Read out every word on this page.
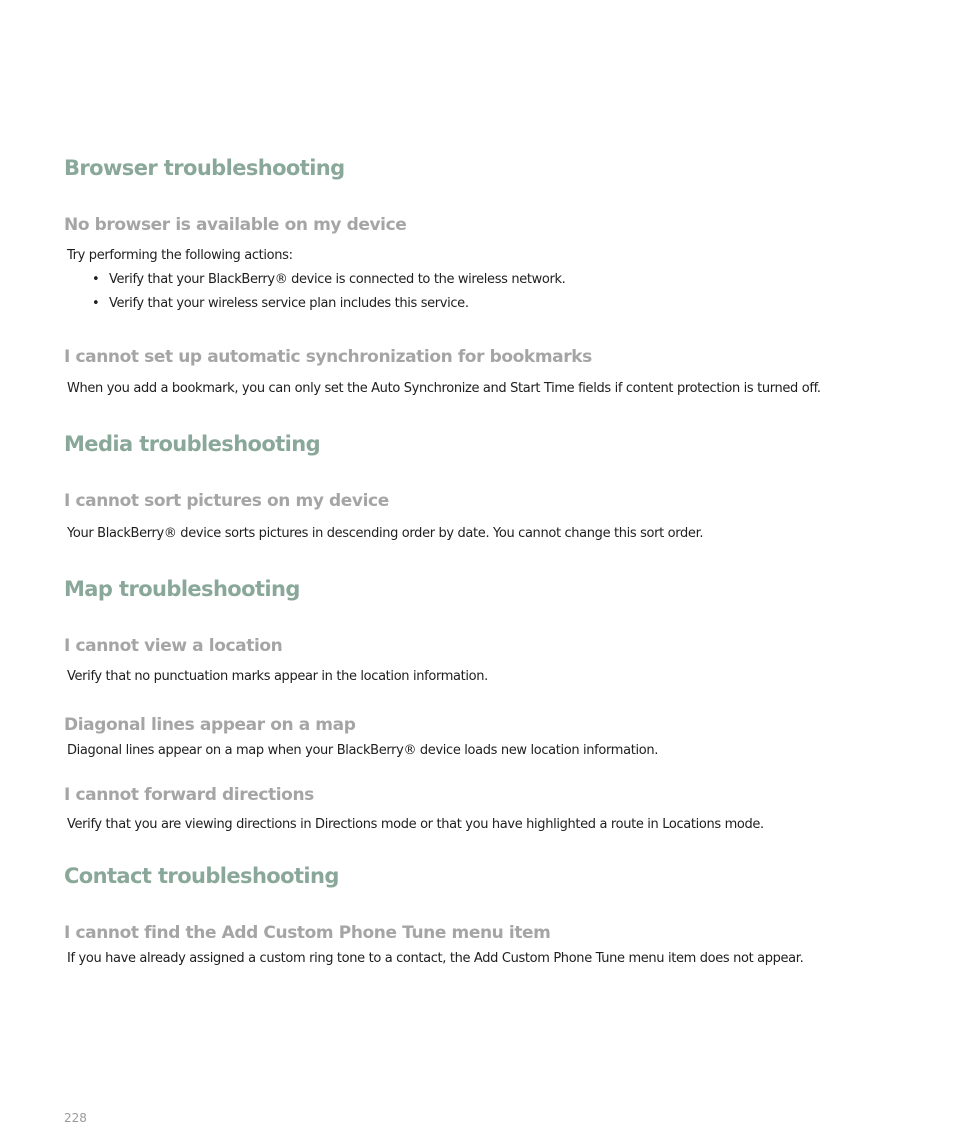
Browser troubleshooting
No browser is available on my device
Try performing the following actions:
• Verify that your BlackBerry® device is connected to the wireless network.
• Verify that your wireless service plan includes this service.
I cannot set up automatic synchronization for bookmarks
When you add a bookmark, you can only set the Auto Synchronize and Start Time fields if content protection is turned off.
Media troubleshooting
I cannot sort pictures on my device
Your BlackBerry® device sorts pictures in descending order by date. You cannot change this sort order.
Map troubleshooting
I cannot view a location
Verify that no punctuation marks appear in the location information.
Diagonal lines appear on a map
Diagonal lines appear on a map when your BlackBerry® device loads new location information.
I cannot forward directions
Verify that you are viewing directions in Directions mode or that you have highlighted a route in Locations mode.
Contact troubleshooting
I cannot find the Add Custom Phone Tune menu item
If you have already assigned a custom ring tone to a contact, the Add Custom Phone Tune menu item does not appear.
228
